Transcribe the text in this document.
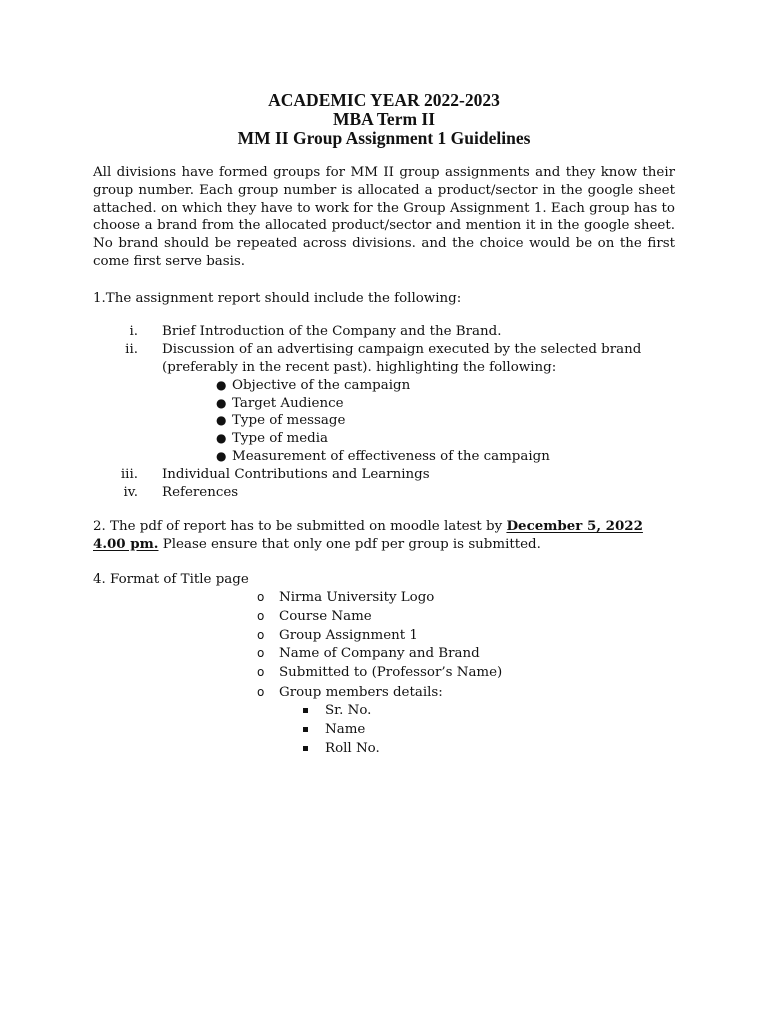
ACADEMIC YEAR 2022-2023
MBA Term II
MM II Group Assignment 1 Guidelines
All divisions have formed groups for MM II group assignments and they know their group number. Each group number is allocated a product/sector in the google sheet attached. on which they have to work for the Group Assignment 1. Each group has to choose a brand from the allocated product/sector and mention it in the google sheet. No brand should be repeated across divisions. and the choice would be on the first come first serve basis.
1.The assignment report should include the following:
i. Brief Introduction of the Company and the Brand.
ii. Discussion of an advertising campaign executed by the selected brand
(preferably in the recent past). highlighting the following:
● Objective of the campaign
● Target Audience
● Type of message
● Type of media
● Measurement of effectiveness of the campaign
iii. Individual Contributions and Learnings
iv. References
2. The pdf of report has to be submitted on moodle latest by December 5, 2022
4.00 pm. Please ensure that only one pdf per group is submitted.
4. Format of Title page
o Nirma University Logo
o Course Name
o Group Assignment 1
o Name of Company and Brand
o Submitted to (Professor’s Name)
o Group members details:
Sr. No.
Name
Roll No.
